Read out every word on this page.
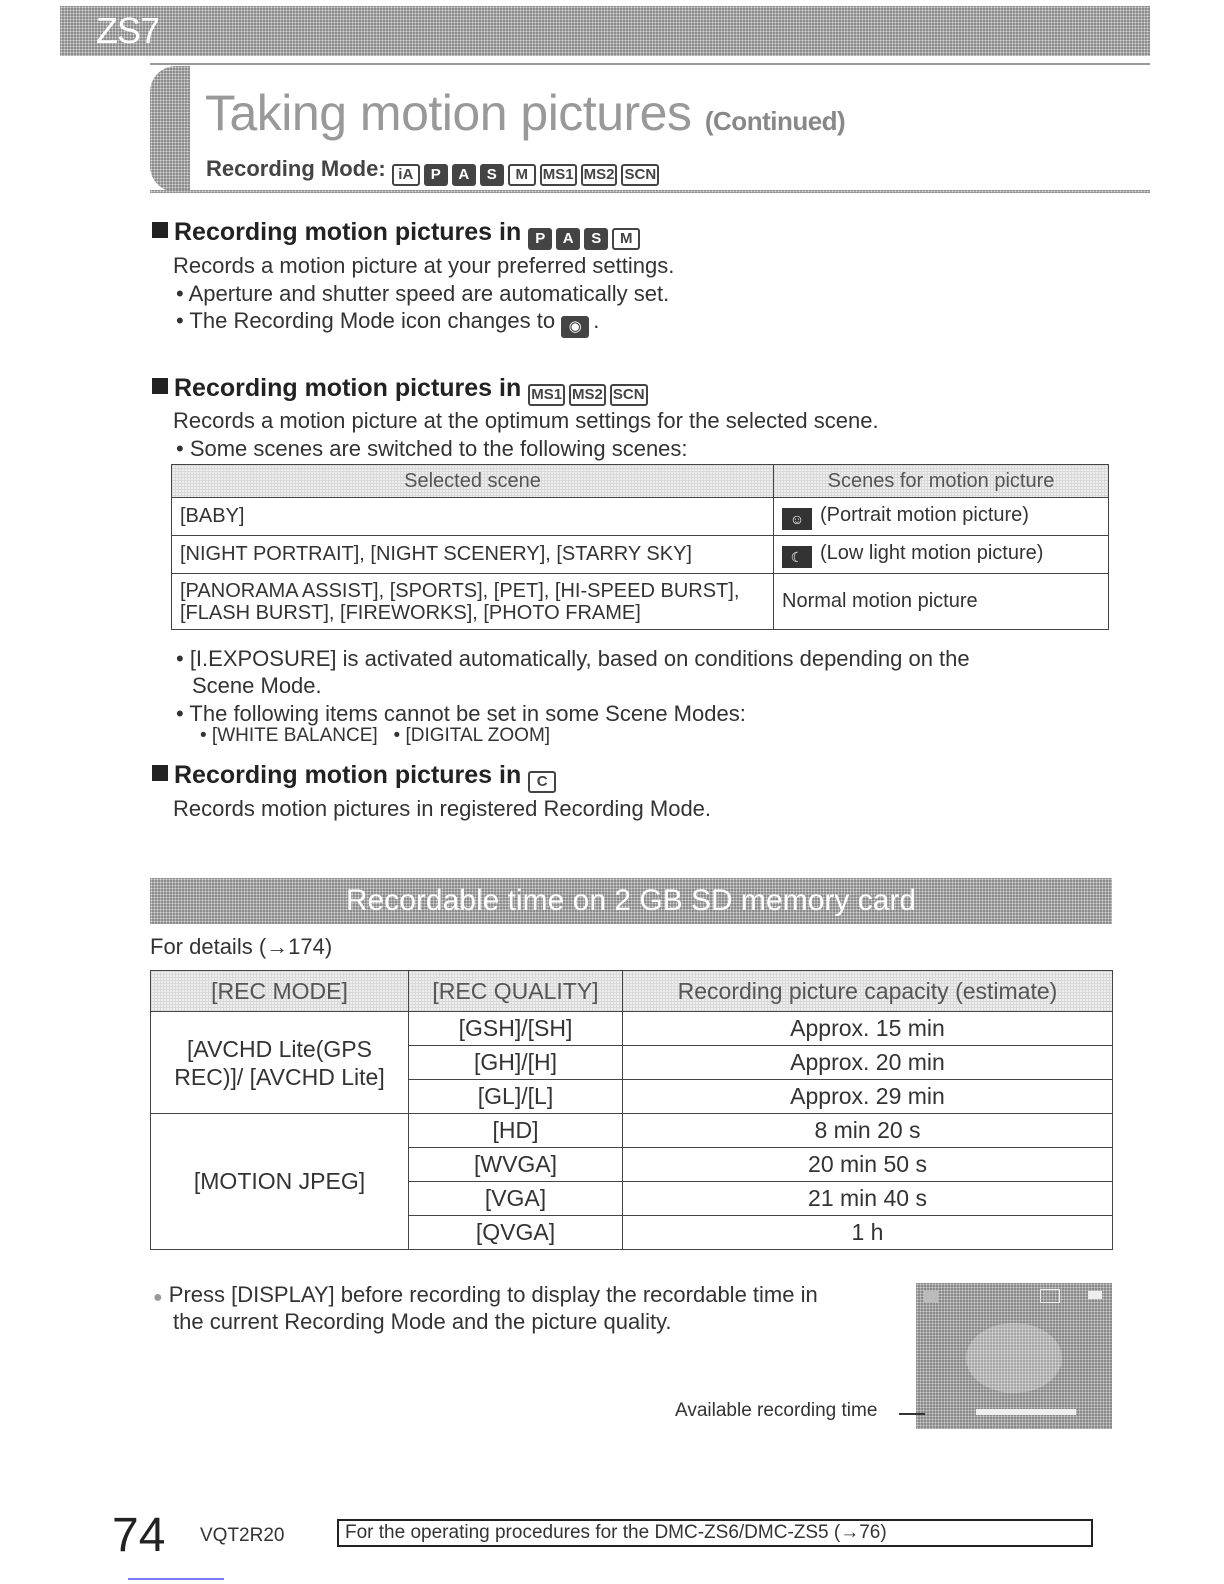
ZS7
Taking motion pictures (Continued)
Recording Mode: iA P A S M MS1 MS2 SCN
Recording motion pictures in P A S M
Records a motion picture at your preferred settings.
• Aperture and shutter speed are automatically set.
• The Recording Mode icon changes to ◉ .
Recording motion pictures in MS1 MS2 SCN
Records a motion picture at the optimum settings for the selected scene.
• Some scenes are switched to the following scenes:
Selected scene	Scenes for motion picture
[BABY]	☺ (Portrait motion picture)
[NIGHT PORTRAIT], [NIGHT SCENERY], [STARRY SKY]	☾ (Low light motion picture)
[PANORAMA ASSIST], [SPORTS], [PET], [HI-SPEED BURST], [FLASH BURST], [FIREWORKS], [PHOTO FRAME]	Normal motion picture
• [I.EXPOSURE] is activated automatically, based on conditions depending on the
Scene Mode.
• The following items cannot be set in some Scene Modes:
• [WHITE BALANCE]   • [DIGITAL ZOOM]
Recording motion pictures in C
Records motion pictures in registered Recording Mode.
Recordable time on 2 GB SD memory card
For details (→174)
[REC MODE]	[REC QUALITY]	Recording picture capacity (estimate)
[AVCHD Lite(GPS REC)]/ [AVCHD Lite]	[GSH]/[SH]	Approx. 15 min
	[GH]/[H]	Approx. 20 min
	[GL]/[L]	Approx. 29 min
[MOTION JPEG]	[HD]	8 min 20 s
	[WVGA]	20 min 50 s
	[VGA]	21 min 40 s
	[QVGA]	1 h
● Press [DISPLAY] before recording to display the recordable time in
the current Recording Mode and the picture quality.
Available recording time
74 VQT2R20	For the operating procedures for the DMC-ZS6/DMC-ZS5 (→76)
